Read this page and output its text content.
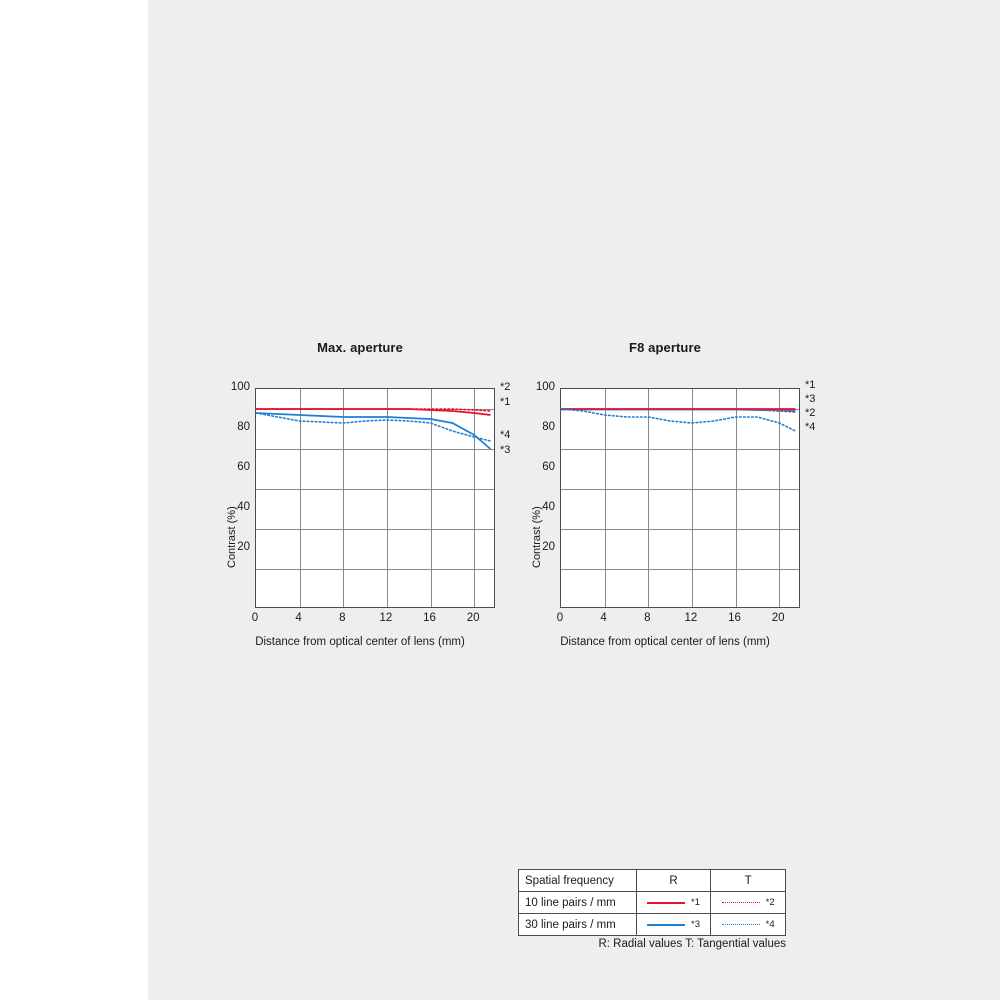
Max. aperture
100
80
60
40
20
0	4	8	12	16	20
Contrast (%)
Distance from optical center of lens (mm)
*2
*1
*4
*3
F8 aperture
100
80
60
40
20
0	4	8	12	16	20
Contrast (%)
Distance from optical center of lens (mm)
*1
*3
*2
*4
Spatial frequency	R	T
10 line pairs / mm	*1	*2

30 line pairs / mm	*3	*4
R: Radial values T: Tangential values
